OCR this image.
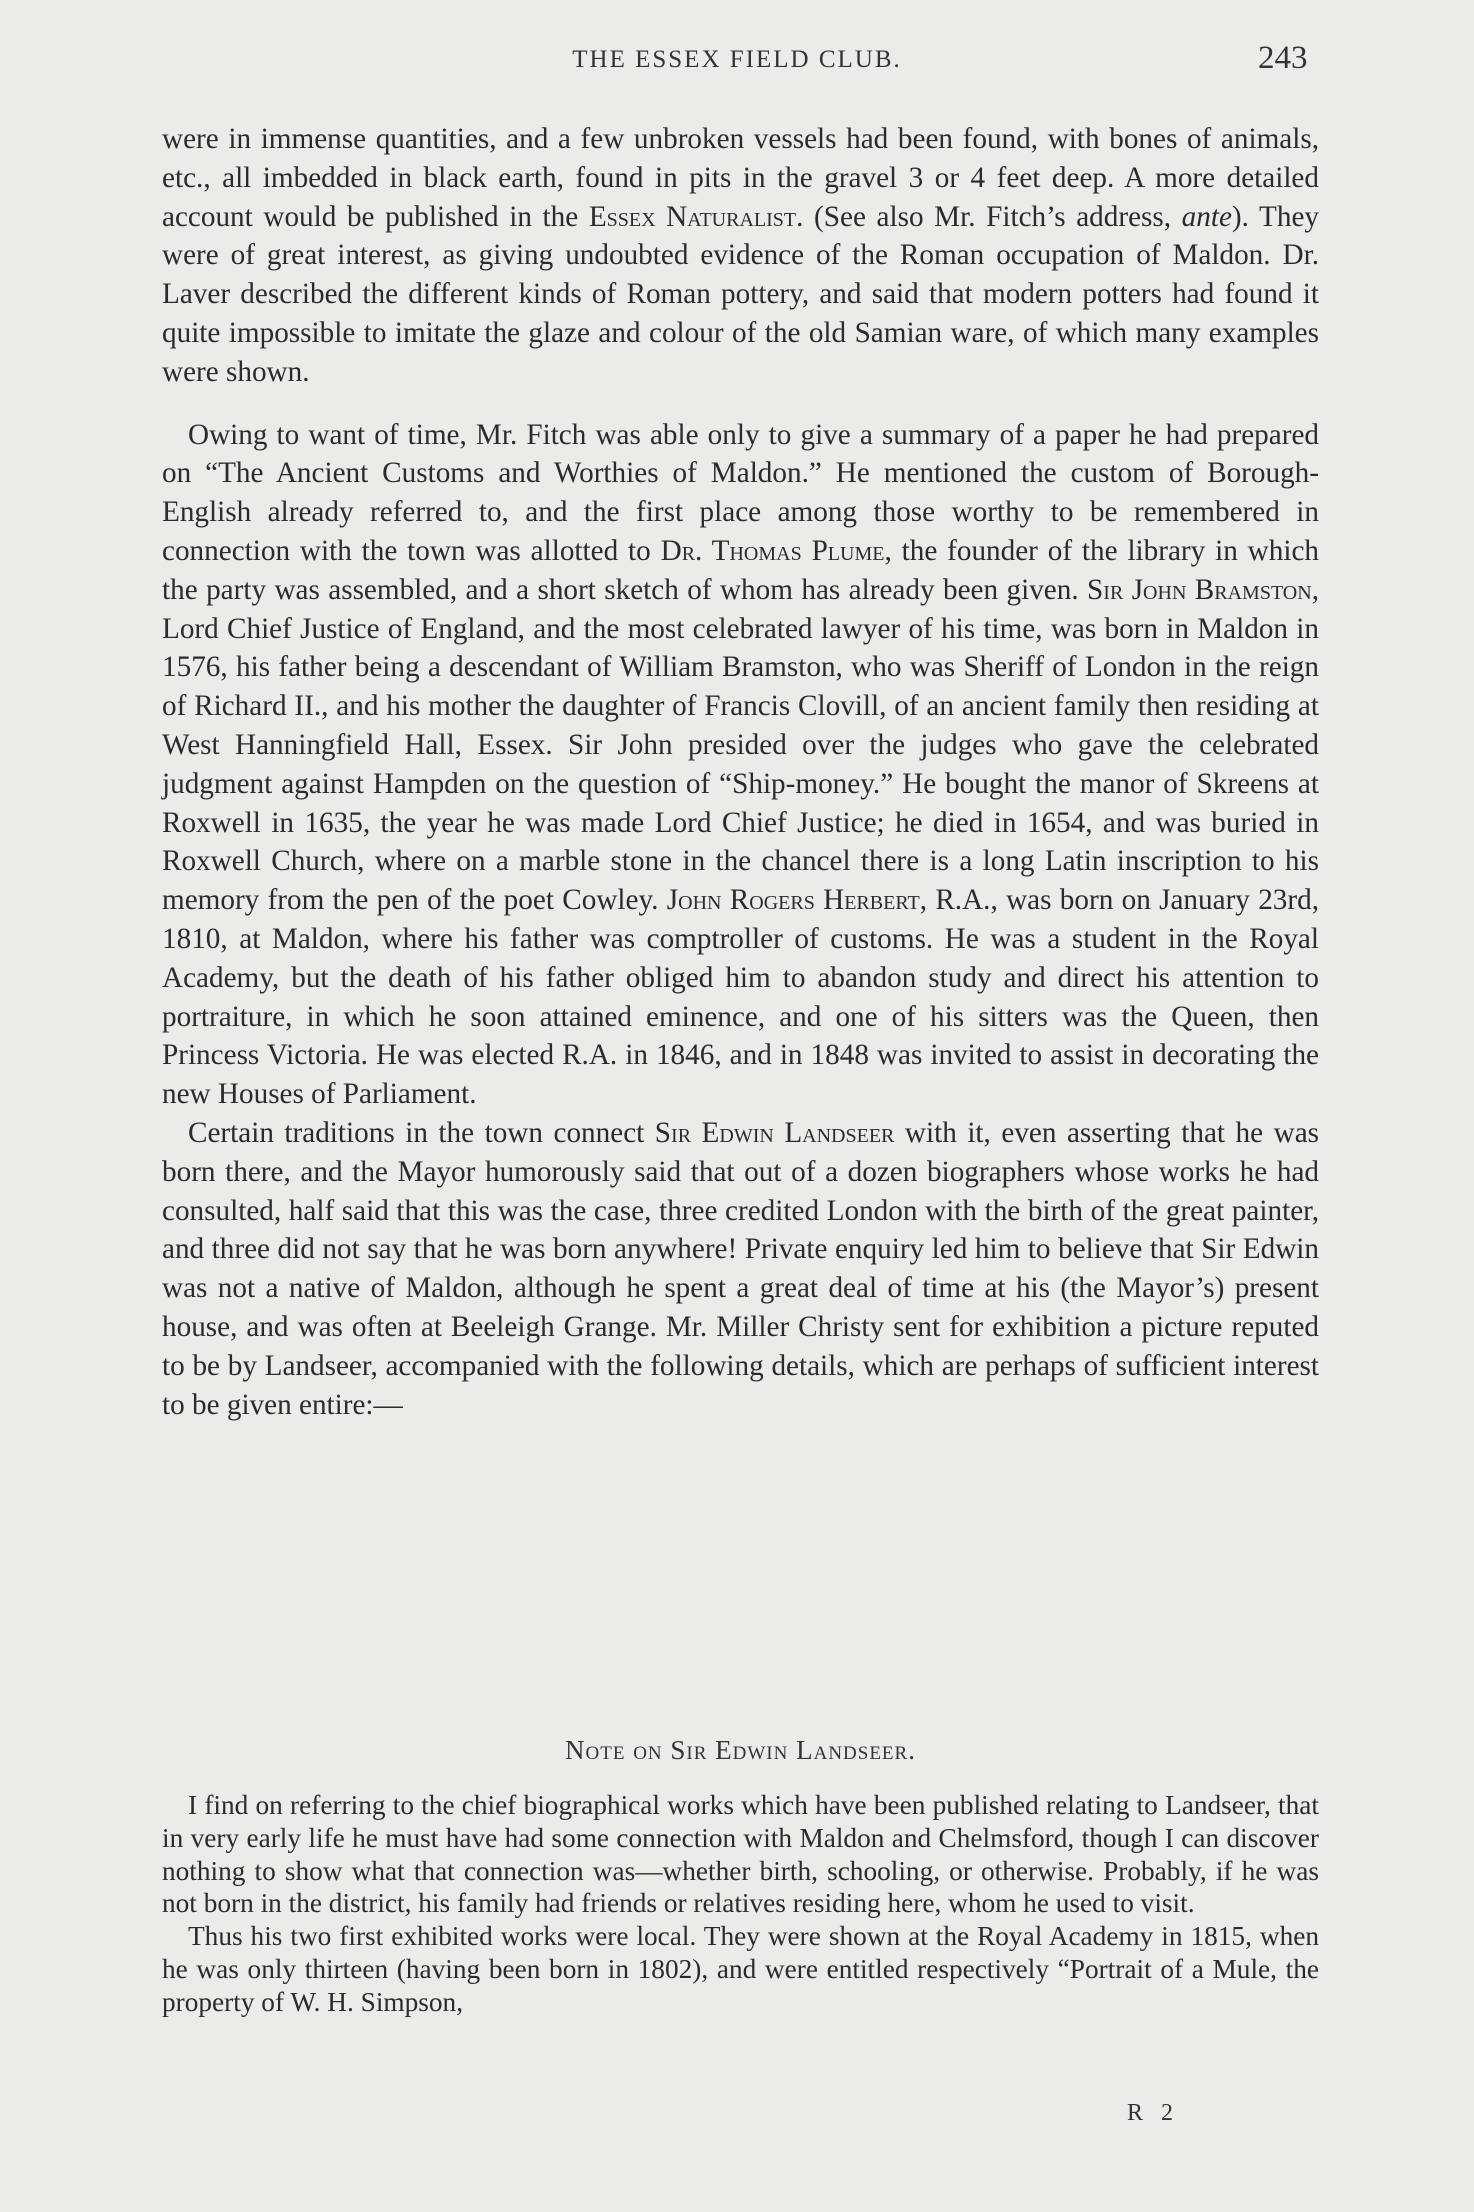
THE ESSEX FIELD CLUB.	243

were in immense quantities, and a few unbroken vessels had been found, with bones of animals, etc., all imbedded in black earth, found in pits in the gravel 3 or 4 feet deep. A more detailed account would be published in the Essex Naturalist. (See also Mr. Fitch’s address, ante). They were of great interest, as giving undoubted evidence of the Roman occupation of Maldon. Dr. Laver described the different kinds of Roman pottery, and said that modern potters had found it quite impossible to imitate the glaze and colour of the old Samian ware, of which many examples were shown.

Owing to want of time, Mr. Fitch was able only to give a summary of a paper he had prepared on “The Ancient Customs and Worthies of Maldon.” He mentioned the custom of Borough-English already referred to, and the first place among those worthy to be remembered in connection with the town was allotted to Dr. Thomas Plume, the founder of the library in which the party was assembled, and a short sketch of whom has already been given. Sir John Bramston, Lord Chief Justice of England, and the most celebrated lawyer of his time, was born in Maldon in 1576, his father being a descendant of William Bramston, who was Sheriff of London in the reign of Richard II., and his mother the daughter of Francis Clovill, of an ancient family then residing at West Hanningfield Hall, Essex. Sir John presided over the judges who gave the celebrated judgment against Hampden on the question of “Ship-money.” He bought the manor of Skreens at Roxwell in 1635, the year he was made Lord Chief Justice; he died in 1654, and was buried in Roxwell Church, where on a marble stone in the chancel there is a long Latin inscription to his memory from the pen of the poet Cowley. John Rogers Herbert, R.A., was born on January 23rd, 1810, at Maldon, where his father was comptroller of customs. He was a student in the Royal Academy, but the death of his father obliged him to abandon study and direct his attention to portraiture, in which he soon attained eminence, and one of his sitters was the Queen, then Princess Victoria. He was elected R.A. in 1846, and in 1848 was invited to assist in decorating the new Houses of Parliament.

Certain traditions in the town connect Sir Edwin Landseer with it, even asserting that he was born there, and the Mayor humorously said that out of a dozen biographers whose works he had consulted, half said that this was the case, three credited London with the birth of the great painter, and three did not say that he was born anywhere! Private enquiry led him to believe that Sir Edwin was not a native of Maldon, although he spent a great deal of time at his (the Mayor’s) present house, and was often at Beeleigh Grange. Mr. Miller Christy sent for exhibition a picture reputed to be by Landseer, accompanied with the following details, which are perhaps of sufficient interest to be given entire:—

Note on Sir Edwin Landseer.

I find on referring to the chief biographical works which have been published relating to Landseer, that in very early life he must have had some connection with Maldon and Chelmsford, though I can discover nothing to show what that connection was—whether birth, schooling, or otherwise. Probably, if he was not born in the district, his family had friends or relatives residing here, whom he used to visit.

Thus his two first exhibited works were local. They were shown at the Royal Academy in 1815, when he was only thirteen (having been born in 1802), and were entitled respectively “Portrait of a Mule, the property of W. H. Simpson,

R 2
